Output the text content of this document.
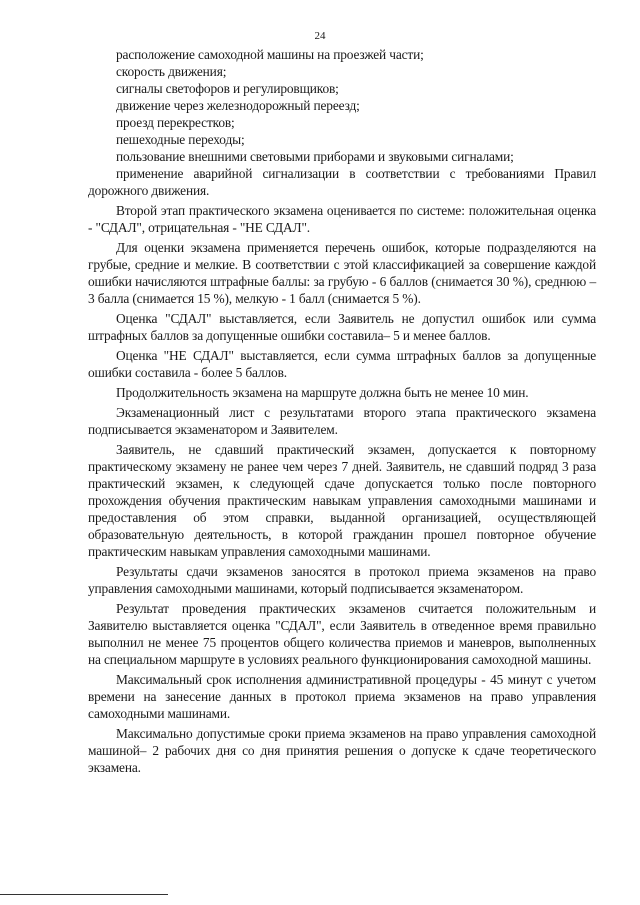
24

расположение самоходной машины на проезжей части;

скорость движения;

сигналы светофоров и регулировщиков;

движение через железнодорожный переезд;

проезд перекрестков;

пешеходные переходы;

пользование внешними световыми приборами и звуковыми сигналами;

применение аварийной сигнализации в соответствии с требованиями Правил дорожного движения.

Второй этап практического экзамена оценивается по системе: положительная оценка - "СДАЛ", отрицательная - "НЕ СДАЛ".

Для оценки экзамена применяется перечень ошибок, которые подразделяются на грубые, средние и мелкие. В соответствии с этой классификацией за совершение каждой ошибки начисляются штрафные баллы: за грубую - 6 баллов (снимается 30 %), среднюю – 3 балла (снимается 15 %), мелкую - 1 балл (снимается 5 %).

Оценка "СДАЛ" выставляется, если Заявитель не допустил ошибок или сумма штрафных баллов за допущенные ошибки составила– 5 и менее баллов.

Оценка "НЕ СДАЛ" выставляется, если сумма штрафных баллов за допущенные ошибки составила - более 5 баллов.

Продолжительность экзамена на маршруте должна быть не менее 10 мин.

Экзаменационный лист с результатами второго этапа практического экзамена подписывается экзаменатором и Заявителем.

Заявитель, не сдавший практический экзамен, допускается к повторному практическому экзамену не ранее чем через 7 дней. Заявитель, не сдавший подряд 3 раза практический экзамен, к следующей сдаче допускается только после повторного прохождения обучения практическим навыкам управления самоходными машинами и предоставления об этом справки, выданной организацией, осуществляющей образовательную деятельность, в которой гражданин прошел повторное обучение практическим навыкам управления самоходными машинами.

Результаты сдачи экзаменов заносятся в протокол приема экзаменов на право управления самоходными машинами, который подписывается экзаменатором.

Результат проведения практических экзаменов считается положительным и Заявителю выставляется оценка "СДАЛ", если Заявитель в отведенное время правильно выполнил не менее 75 процентов общего количества приемов и маневров, выполненных на специальном маршруте в условиях реального функционирования самоходной машины.

Максимальный срок исполнения административной процедуры - 45 минут с учетом времени на занесение данных в протокол приема экзаменов на право управления самоходными машинами.

Максимально допустимые сроки приема экзаменов на право управления самоходной машиной– 2 рабочих дня со дня принятия решения о допуске к сдаче теоретического экзамена.
